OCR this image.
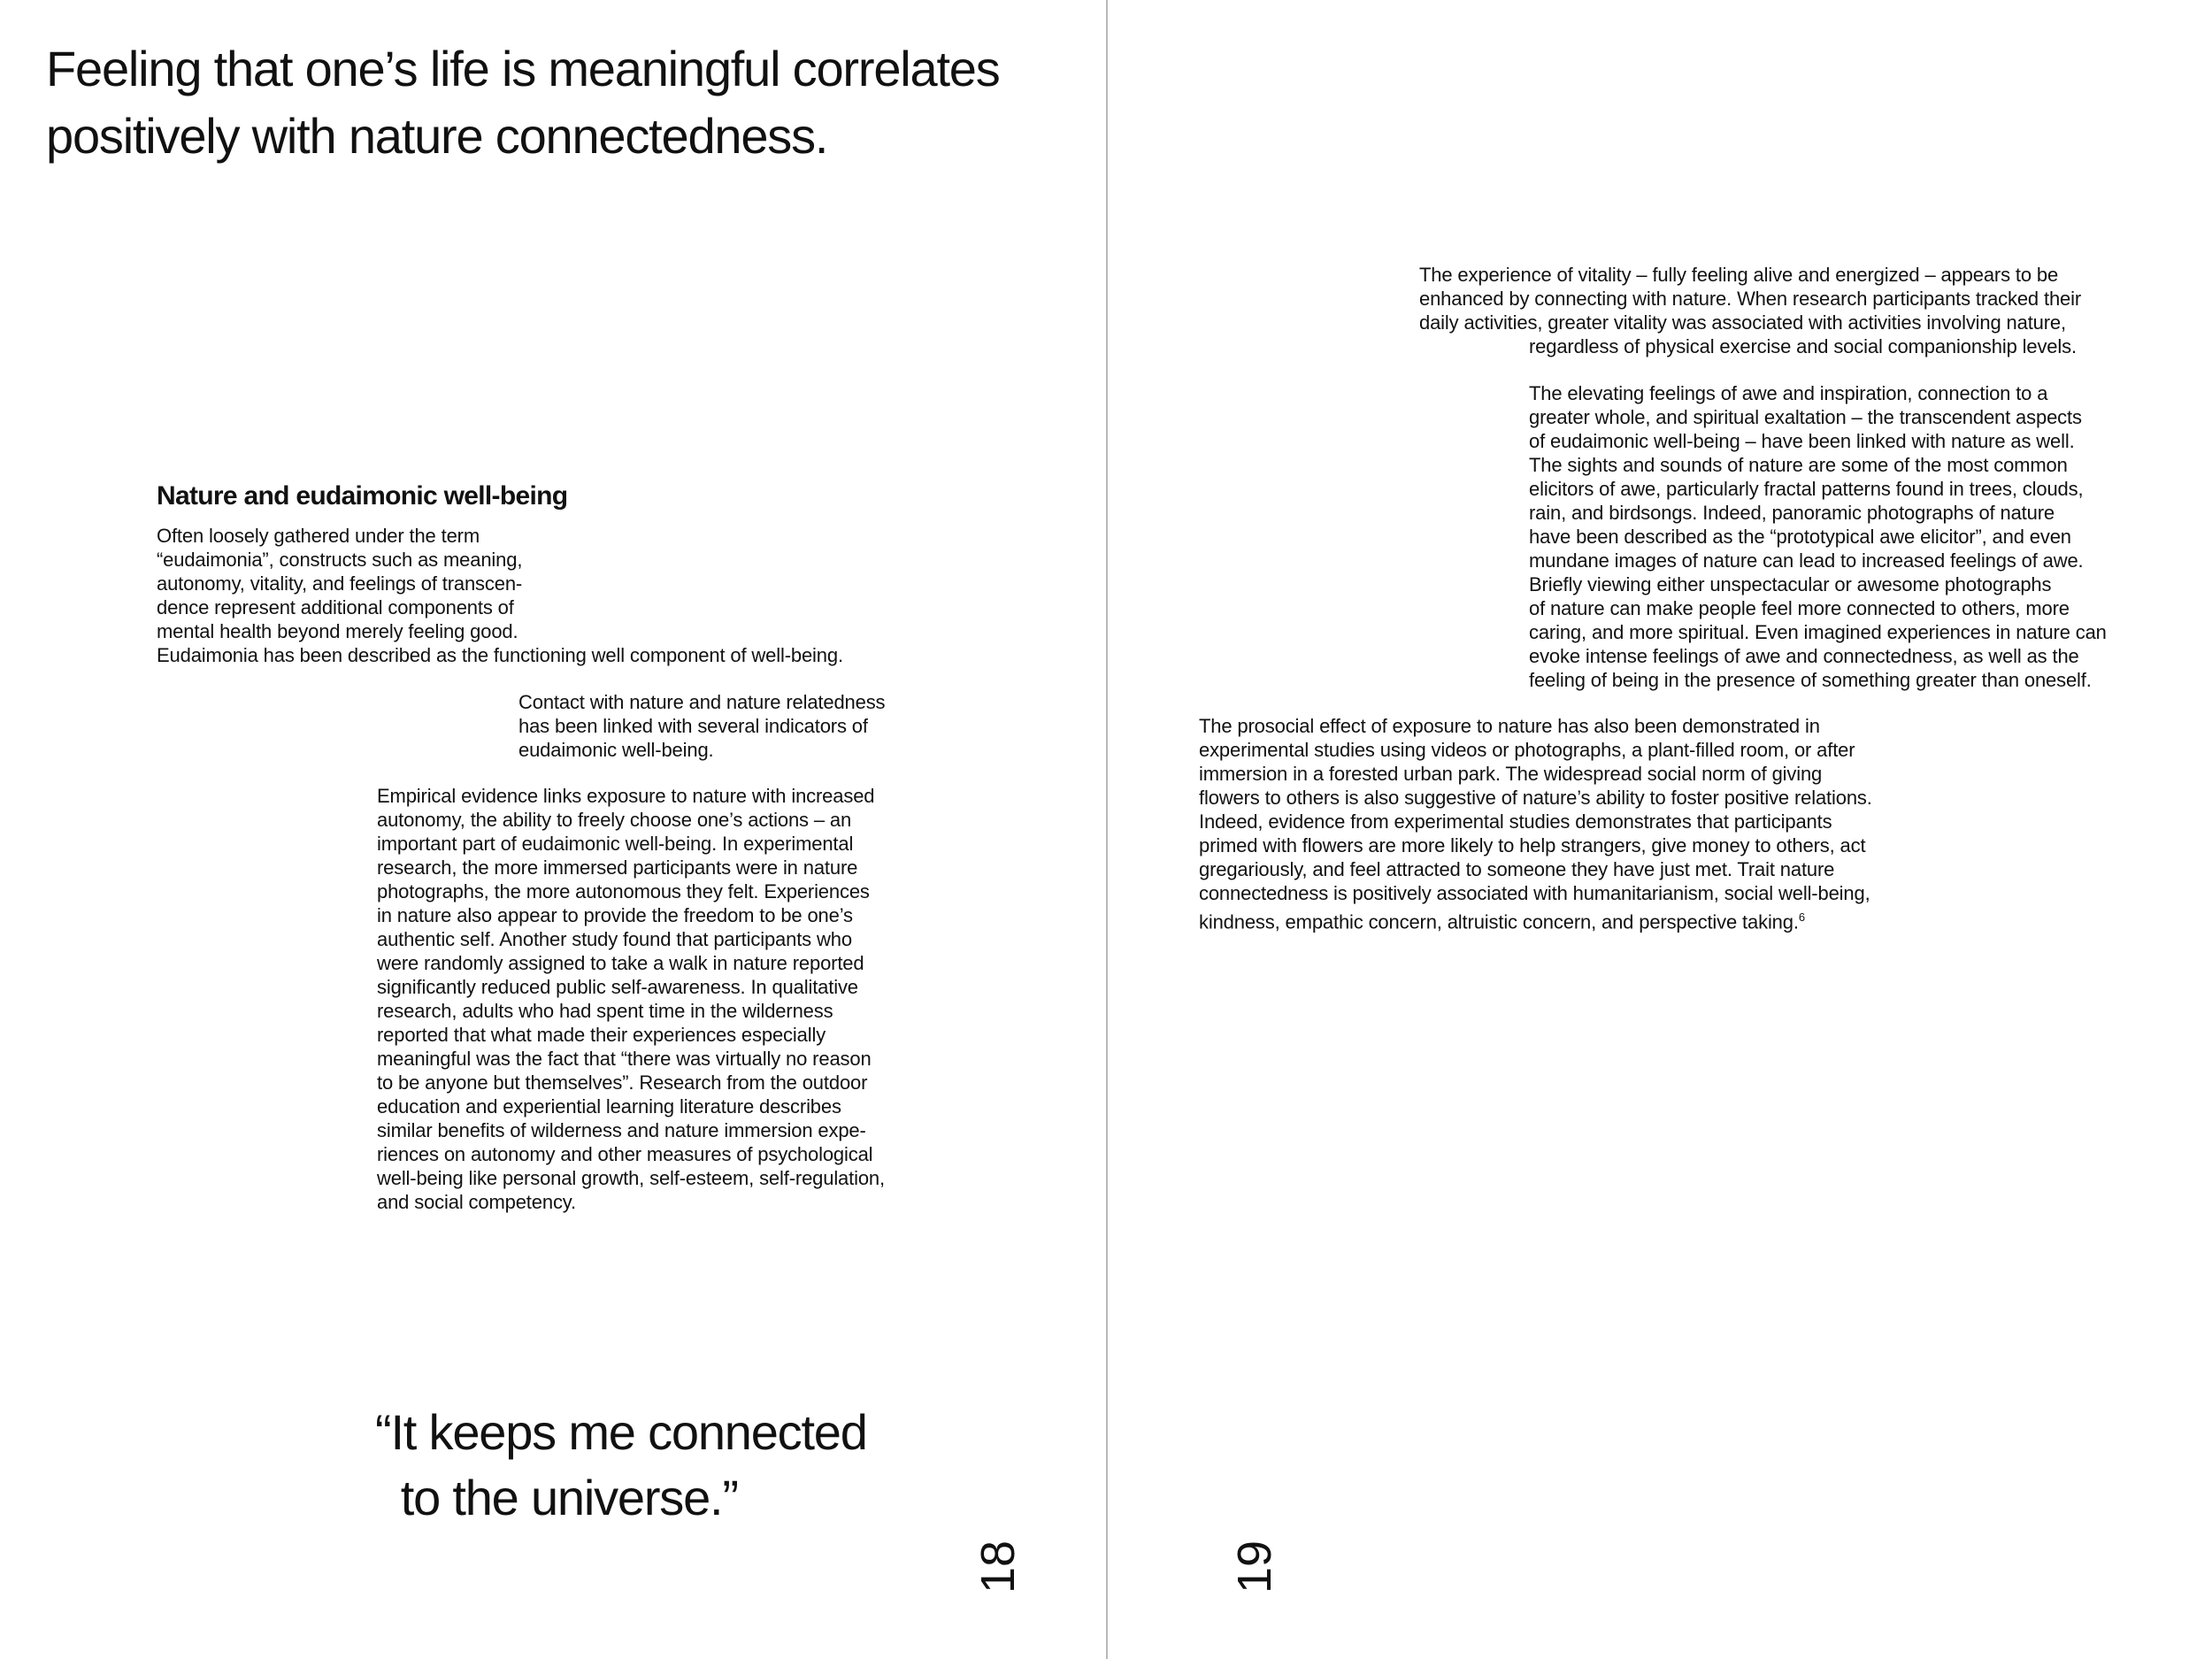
Feeling that one’s life is meaningful correlates
positively with nature connectedness.
Nature and eudaimonic well-being

Often loosely gathered under the term
“eudaimonia”, constructs such as meaning,
autonomy, vitality, and feelings of transcen-
dence represent additional components of
mental health beyond merely feeling good.
Eudaimonia has been described as the functioning well component of well-being.

Contact with nature and nature relatedness
has been linked with several indicators of
eudaimonic well-being.

Empirical evidence links exposure to nature with increased
autonomy, the ability to freely choose one’s actions – an
important part of eudaimonic well-being. In experimental
research, the more immersed participants were in nature
photographs, the more autonomous they felt. Experiences
in nature also appear to provide the freedom to be one’s
authentic self. Another study found that participants who
were randomly assigned to take a walk in nature reported
significantly reduced public self-awareness. In qualitative
research, adults who had spent time in the wilderness
reported that what made their experiences especially
meaningful was the fact that “there was virtually no reason
to be anyone but themselves”. Research from the outdoor
education and experiential learning literature describes
similar benefits of wilderness and nature immersion expe-
riences on autonomy and other measures of psychological
well-being like personal growth, self-esteem, self-regulation,
and social competency.

“It keeps me connected
to the universe.”
18

The experience of vitality – fully feeling alive and energized – appears to be
enhanced by connecting with nature. When research participants tracked their
daily activities, greater vitality was associated with activities involving nature,

regardless of physical exercise and social companionship levels.

The elevating feelings of awe and inspiration, connection to a
greater whole, and spiritual exaltation – the transcendent aspects
of eudaimonic well-being – have been linked with nature as well.
The sights and sounds of nature are some of the most common
elicitors of awe, particularly fractal patterns found in trees, clouds,
rain, and birdsongs. Indeed, panoramic photographs of nature
have been described as the “prototypical awe elicitor”, and even
mundane images of nature can lead to increased feelings of awe.
Briefly viewing either unspectacular or awesome photographs
of nature can make people feel more connected to others, more
caring, and more spiritual. Even imagined experiences in nature can
evoke intense feelings of awe and connectedness, as well as the
feeling of being in the presence of something greater than oneself.

The prosocial effect of exposure to nature has also been demonstrated in
experimental studies using videos or photographs, a plant-filled room, or after
immersion in a forested urban park. The widespread social norm of giving
flowers to others is also suggestive of nature’s ability to foster positive relations.
Indeed, evidence from experimental studies demonstrates that participants
primed with flowers are more likely to help strangers, give money to others, act
gregariously, and feel attracted to someone they have just met. Trait nature
connectedness is positively associated with humanitarianism, social well-being,
kindness, empathic concern, altruistic concern, and perspective taking.$^6$

19
